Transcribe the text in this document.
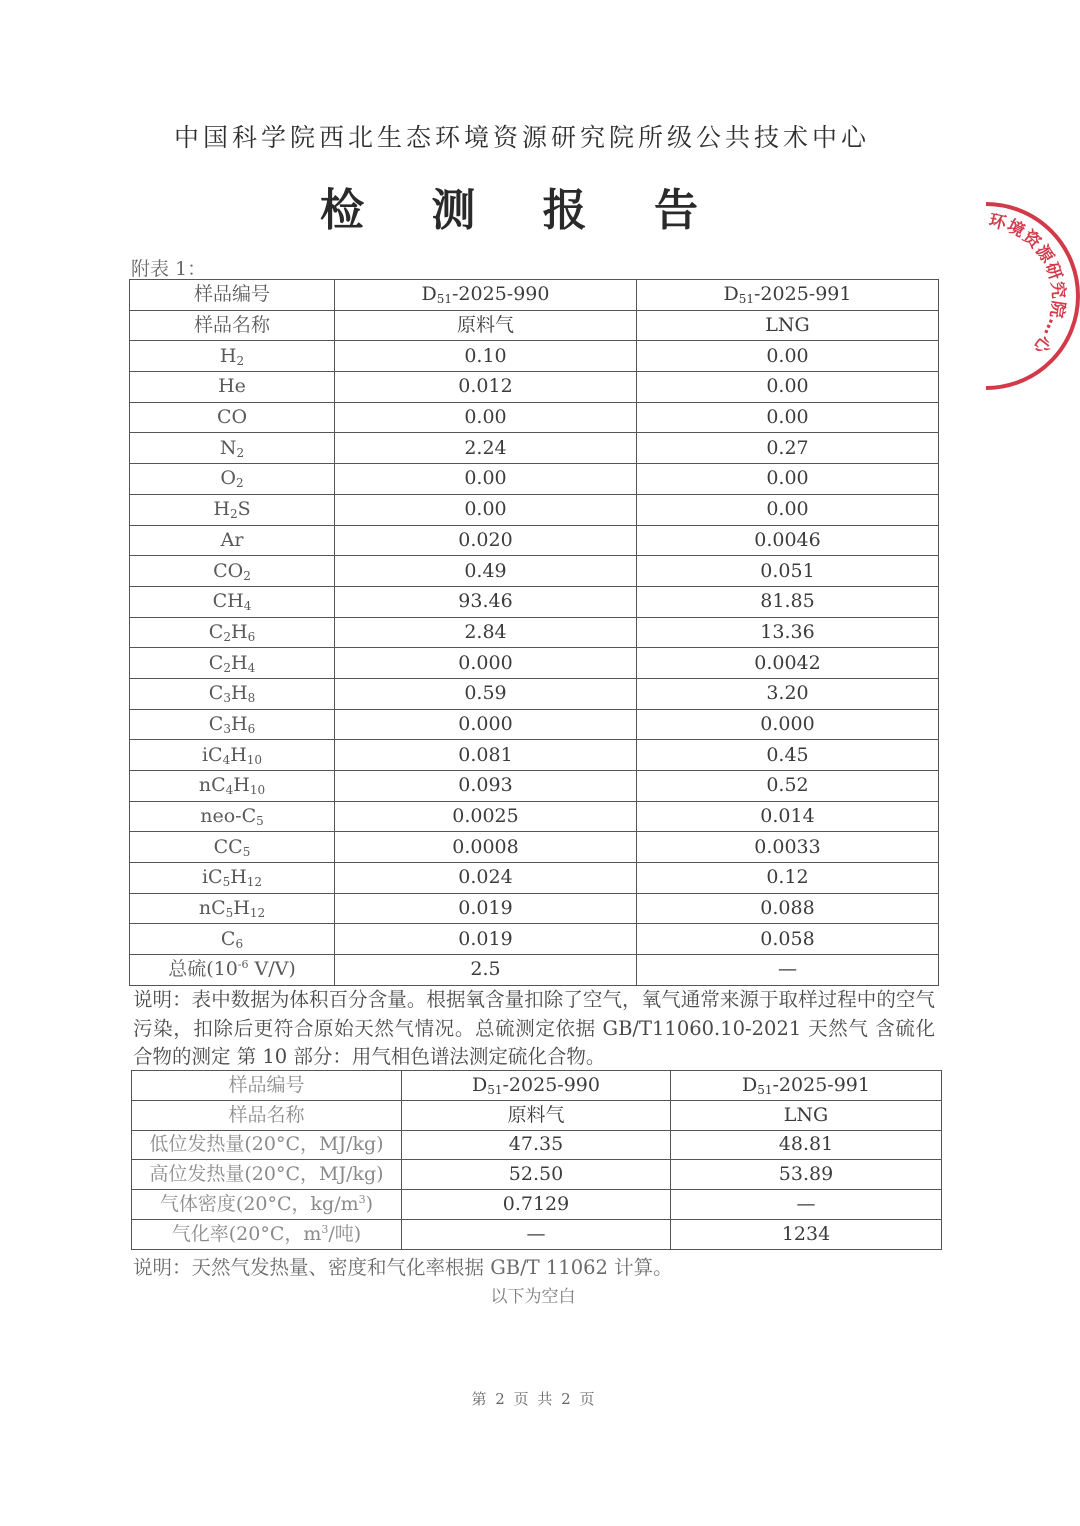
中国科学院西北生态环境资源研究院所级公共技术中心
检 测 报 告
附表 1：
样品编号	$D_{51}-2025-990$	$D_{51}-2025-991$
样品名称	原料气	LNG
$H_2$	0.10	0.00
He	0.012	0.00
CO	0.00	0.00
$N_2$	2.24	0.27
$O_2$	0.00	0.00
$H_2S$	0.00	0.00
Ar	0.020	0.0046
$CO_2$	0.49	0.051
$CH_4$	93.46	81.85
$C_2H_6$	2.84	13.36
$C_2H_4$	0.000	0.0042
$C_3H_8$	0.59	3.20
$C_3H_6$	0.000	0.000
$iC_4H_{10}$	0.081	0.45
$nC_4H_{10}$	0.093	0.52
neo-$C_5$	0.0025	0.014
$CC_5$	0.0008	0.0033
$iC_5H_{12}$	0.024	0.12
$nC_5H_{12}$	0.019	0.088
$C_6$	0.019	0.058
总硫($10^{-6}$ V/V)	2.5	—
说明：表中数据为体积百分含量。根据氧含量扣除了空气，氧气通常来源于取样过程中的空气污染，扣除后更符合原始天然气情况。总硫测定依据 GB/T11060.10-2021 天然气 含硫化合物的测定 第 10 部分：用气相色谱法测定硫化合物。
样品编号	$D_{51}-2025-990$	$D_{51}-2025-991$
样品名称	原料气	LNG
低位发热量(20°C，MJ/kg)	47.35	48.81
高位发热量(20°C，MJ/kg)	52.50	53.89
气体密度(20°C，$kg/m^3$)	0.7129	—
气化率(20°C，$m^3/$吨)	—	1234
说明：天然气发热量、密度和气化率根据 GB/T 11062 计算。
以下为空白
第 2 页 共 2 页
环境资源研究院…心
